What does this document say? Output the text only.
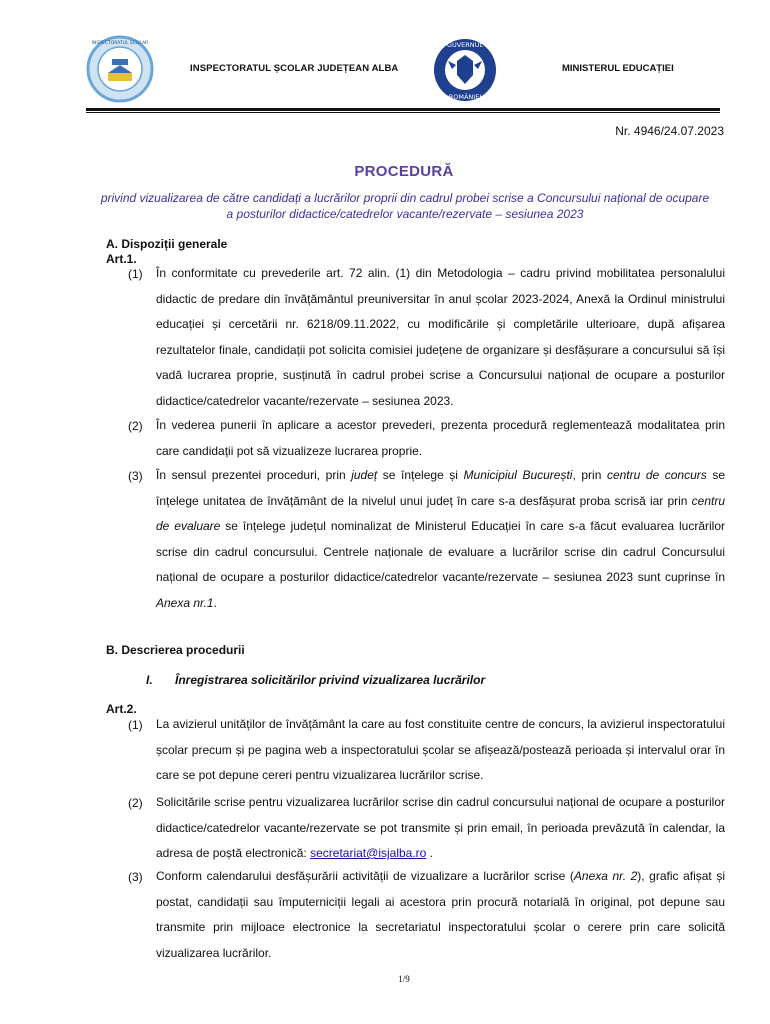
INSPECTORATUL ȘCOLAR	GUVERNUL
ROMÂNIEI
INSPECTORATUL ȘCOLAR JUDEȚEAN ALBA	MINISTERUL EDUCAȚIEI
Nr. 4946/24.07.2023
PROCEDURĂ
privind vizualizarea de către candidați a lucrărilor proprii din cadrul probei scrise a Concursului național de ocupare a posturilor didactice/catedrelor vacante/rezervate – sesiunea 2023
A. Dispoziții generale
Art.1.
(1) În conformitate cu prevederile art. 72 alin. (1) din Metodologia – cadru privind mobilitatea personalului didactic de predare din învățământul preuniversitar în anul școlar 2023-2024, Anexă la Ordinul ministrului educației și cercetării nr. 6218/09.11.2022, cu modificările și completările ulterioare, după afișarea rezultatelor finale, candidații pot solicita comisiei județene de organizare și desfășurare a concursului să își vadă lucrarea proprie, susținută în cadrul probei scrise a Concursului național de ocupare a posturilor didactice/catedrelor vacante/rezervate – sesiunea 2023.
(2) În vederea punerii în aplicare a acestor prevederi, prezenta procedură reglementează modalitatea prin care candidații pot să vizualizeze lucrarea proprie.
(3) În sensul prezentei proceduri, prin județ se înțelege și Municipiul București, prin centru de concurs se înțelege unitatea de învățământ de la nivelul unui județ în care s-a desfășurat proba scrisă iar prin centru de evaluare se înțelege județul nominalizat de Ministerul Educației în care s-a făcut evaluarea lucrărilor scrise din cadrul concursului. Centrele naționale de evaluare a lucrărilor scrise din cadrul Concursului național de ocupare a posturilor didactice/catedrelor vacante/rezervate – sesiunea 2023 sunt cuprinse în Anexa nr.1.
B. Descrierea procedurii
I. Înregistrarea solicitărilor privind vizualizarea lucrărilor
Art.2.
(1) La avizierul unităților de învățământ la care au fost constituite centre de concurs, la avizierul inspectoratului școlar precum și pe pagina web a inspectoratului școlar se afișează/postează perioada și intervalul orar în care se pot depune cereri pentru vizualizarea lucrărilor scrise.
(2) Solicitările scrise pentru vizualizarea lucrărilor scrise din cadrul concursului național de ocupare a posturilor didactice/catedrelor vacante/rezervate se pot transmite și prin email, în perioada prevăzută în calendar, la adresa de poștă electronică: secretariat@isjalba.ro .
(3) Conform calendarului desfășurării activității de vizualizare a lucrărilor scrise (Anexa nr. 2), grafic afișat și postat, candidații sau împuterniciții legali ai acestora prin procură notarială în original, pot depune sau transmite prin mijloace electronice la secretariatul inspectoratului școlar o cerere prin care solicită vizualizarea lucrărilor.
1/9
